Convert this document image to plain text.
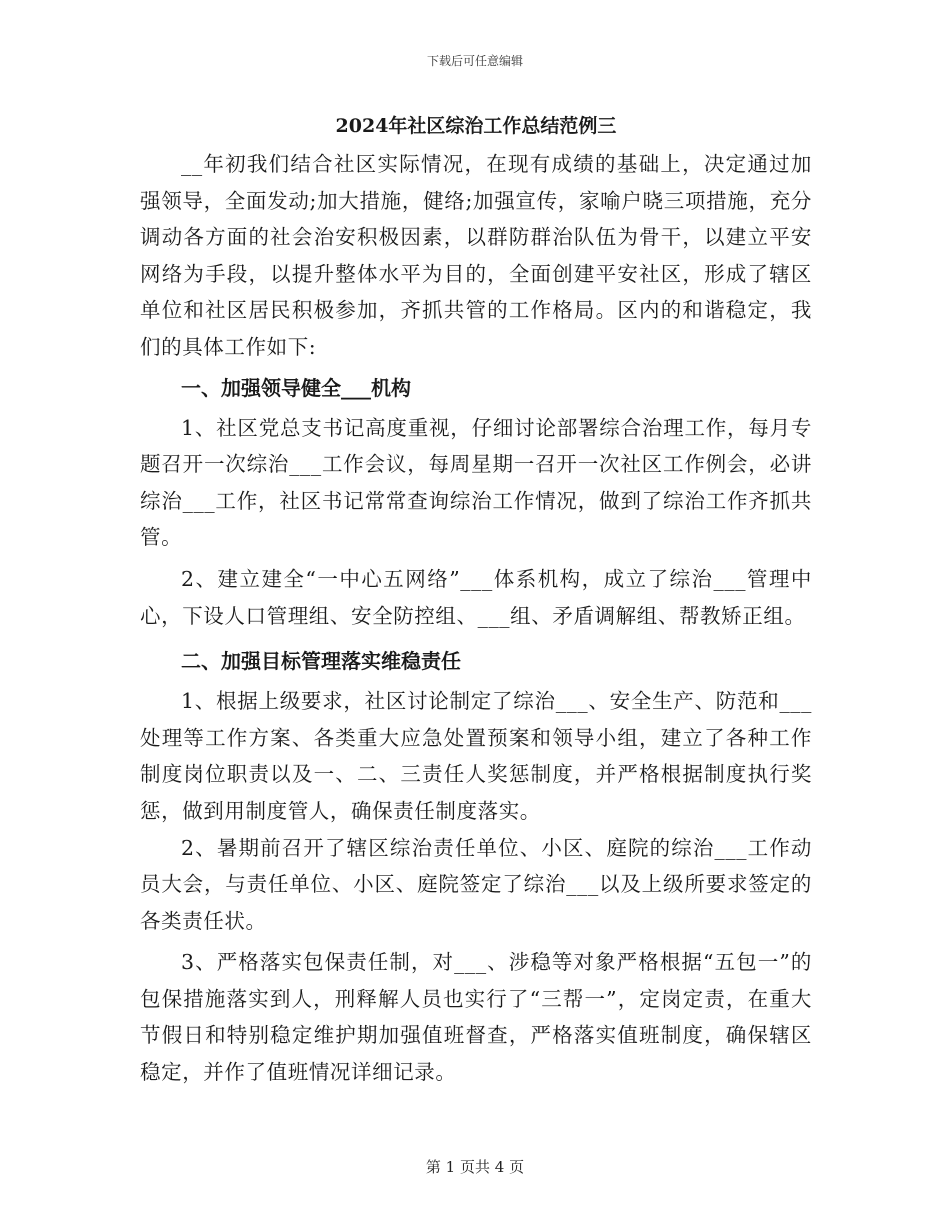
下载后可任意编辑
2024年社区综治工作总结范例三

__年初我们结合社区实际情况，在现有成绩的基础上，决定通过加强领导，全面发动;加大措施，健络;加强宣传，家喻户晓三项措施，充分调动各方面的社会治安积极因素，以群防群治队伍为骨干，以建立平安网络为手段，以提升整体水平为目的，全面创建平安社区，形成了辖区单位和社区居民积极参加，齐抓共管的工作格局。区内的和谐稳定，我们的具体工作如下:

一、加强领导健全___机构

1、社区党总支书记高度重视，仔细讨论部署综合治理工作，每月专题召开一次综治___工作会议，每周星期一召开一次社区工作例会，必讲综治___工作，社区书记常常查询综治工作情况，做到了综治工作齐抓共管。

2、建立建全“一中心五网络”___体系机构，成立了综治___管理中心，下设人口管理组、安全防控组、___组、矛盾调解组、帮教矫正组。

二、加强目标管理落实维稳责任

1、根据上级要求，社区讨论制定了综治___、安全生产、防范和___处理等工作方案、各类重大应急处置预案和领导小组，建立了各种工作制度岗位职责以及一、二、三责任人奖惩制度，并严格根据制度执行奖惩，做到用制度管人，确保责任制度落实。

2、暑期前召开了辖区综治责任单位、小区、庭院的综治___工作动员大会，与责任单位、小区、庭院签定了综治___以及上级所要求签定的各类责任状。

3、严格落实包保责任制，对___、涉稳等对象严格根据“五包一”的包保措施落实到人，刑释解人员也实行了“三帮一”，定岗定责，在重大节假日和特别稳定维护期加强值班督查，严格落实值班制度，确保辖区稳定，并作了值班情况详细记录。

第 1 页共 4 页
